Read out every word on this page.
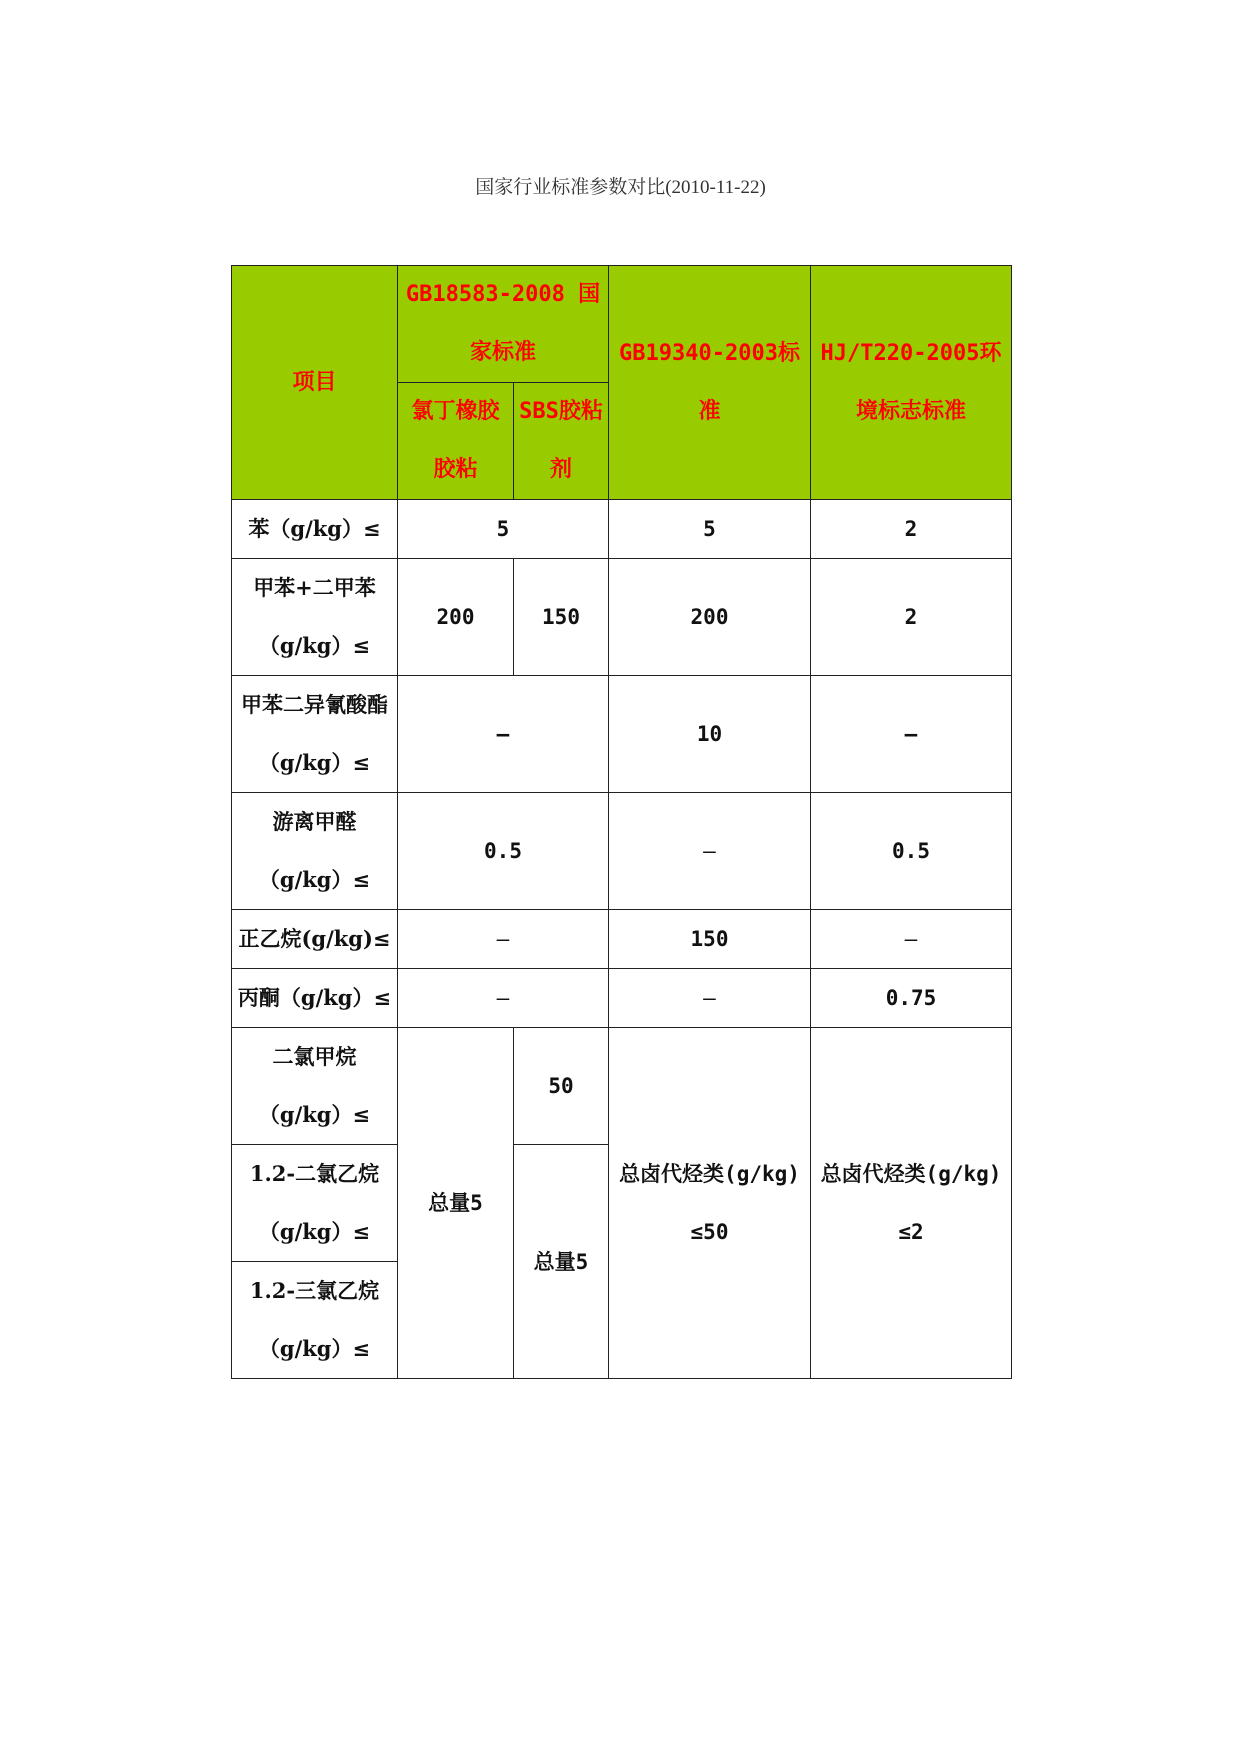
国家行业标准参数对比(2010-11-22)
项目	GB18583-2008 国家标准		GB19340-2003标准	HJ/T220-2005环境标志标准
	氯丁橡胶胶粘	SBS胶粘剂		
苯（g/kg）≤	5		5	2
甲苯+二甲苯（g/kg）≤	200	150	200	2
甲苯二异氰酸酯（g/kg）≤	—		10	—
游离甲醛（g/kg）≤	0.5		—	0.5
正乙烷(g/kg)≤	—		150	—
丙酮（g/kg）≤	—		—	0.75
二氯甲烷（g/kg）≤	总量5	50	总卤代烃类(g/kg) ≤50	总卤代烃类(g/kg) ≤2
1.2-二氯乙烷（g/kg）≤		总量5		
1.2-三氯乙烷（g/kg）≤				
